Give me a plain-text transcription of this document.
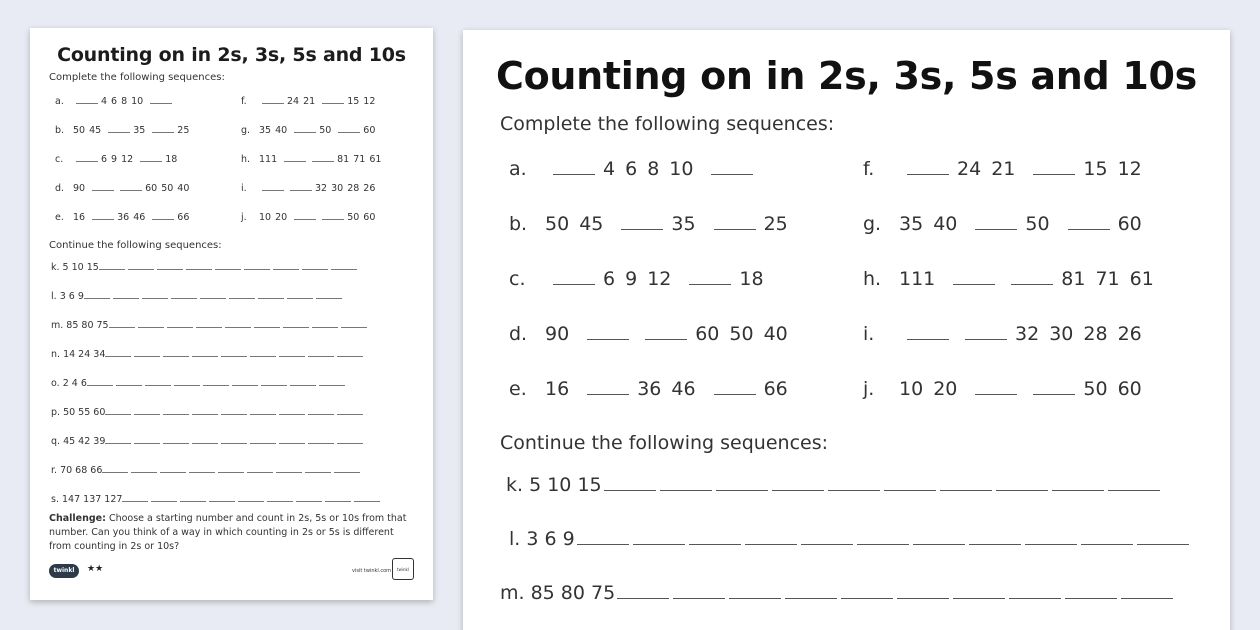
Counting on in 2s, 3s, 5s and 10s
Complete the following sequences:
a.	4 6 8 10
b. 50 45	35	25
c.	6 9 12	18
d. 90	60 50 40
e. 16	36 46	66
f.	24 21	15 12
g. 35 40	50	60
h. 111	81 71 61
i.	32 30 28 26
j. 10 20	50 60
Continue the following sequences:
k. 5 10 15
l. 3 6 9
m. 85 80 75
n. 14 24 34
o. 2 4 6
p. 50 55 60
q. 45 42 39
r. 70 68 66
s. 147 137 127
Challenge: Choose a starting number and count in 2s, 5s or 10s from that number. Can you think of a way in which counting in 2s or 5s is different from counting in 2s or 10s?
twinkl	★★	visit twinkl.com	twinkl
Counting on in 2s, 3s, 5s and 10s
Complete the following sequences:
a.	4 6 8 10
b. 50 45	35	25
c.	6 9 12	18
d. 90	60 50 40
e. 16	36 46	66
f.	24 21	15 12
g. 35 40	50	60
h. 111	81 71 61
i.	32 30 28 26
j. 10 20	50 60
Continue the following sequences:
k. 5 10 15
l. 3 6 9
m. 85 80 75
